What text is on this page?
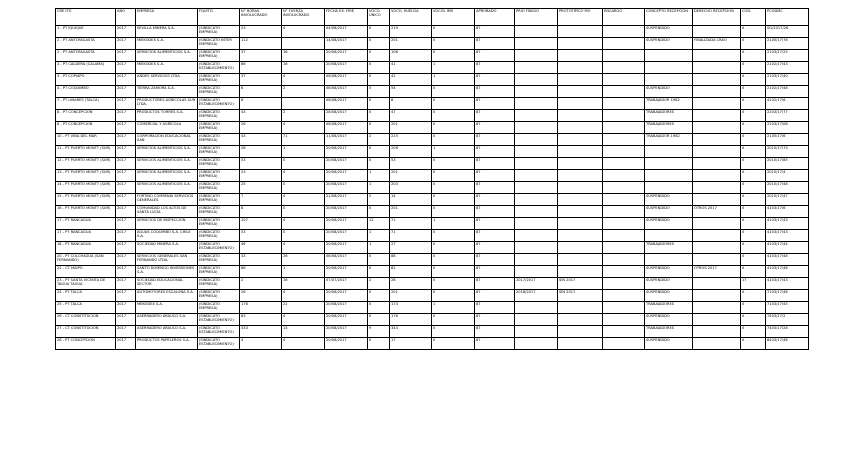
CRE ITO	AÑO	EMPRESA	FQUITO.	N° HORAS INVOLUCRADO	N° FUERZA INVOLUCRADO	FECHA EX. FIRE	VOCO. UNICO	VOCO. HUELGA	VOCOL IMS	APROBADO	PRIO FINICIO	PROTOTÍPICO MO	ENCARGO	CONCEPTO RECEPCIÓN	DERECHO RECEPCIÓN	CÓD.	PCODMC
1 - PT IQUIQUE	2017	SEVILLA MINERA S.A.	(SINDICATO EMPRESA)	23	0	04/08/2017	0	219	0	87				SUSPENDIDO		0	SG/2017/26
2 - PT ANTOFAGASTA	2017	MIEKODEX S.A.	(SINDICATO INTER EMPRESA)	112		14/08/2017	0	201	0	87				SUSPENDIDO	FINALIZADA CRAO	0	2100/17/76
2 - PT ANTOFAGASTA	2017	SERVICIOS ALIMENTICIOS S.A.	(SINDICATO EMPRESA)	37	16	20/08/2017	0	106	0	87						0	2103/17/25
3 - PT CALDERA (CALAMA)	2017	MIEKODEX S.A.	(SINDICATO ESTABLECIMIENTO)	66	16	20/08/2017	0	41	1	87						0	2102/17/43
3 - PT COPIAPÓ	2017	ANDES SERVICIOS LTDA.	(SINDICATO EMPRESA)	37	0	06/08/2017	0	42	1	87						0	2103/17/40
4 - PT COQUIMBO	2017	TIERRA ZAMORA S.A.	(SINDICATO EMPRESA)	6	2	06/08/2017	5	54	0	87				SUSPENDIDO		0	2102/17/46
7 - PT LINARES (TALCA)	2017	PRODUCTORES AGRÍCOLAS SUR LTDA.	(SINDICATO ESTABLECIMIENTO)	6		06/08/2017	0	8	0	87				TRABAJADOR 1982		0	4102/17/6
8 - PT CONCEPCIÓN	2017	PRODUCTOS TORRES S.A.	(SINDICATO EMPRESA)	43	2	28/08/2017	0	47	0	87				TRABAJADORES		0	2203/17/77
8 - PT CONCEPCIÓN	2017	COMERCIAL Y AGRÍCOLA	(SINDICATO EMPRESA)	26	0	06/08/2017	0	201	0	87				TRABAJADORES		0	2203/17/08
10 - PT VIÑA DEL MAR	2017	CORPORACIÓN EDUCACIONAL SAN	(SINDICATO EMPRESA)	43	71	11/08/2017	2	225	0	87				TRABAJADOR 1982		0	2105/17/6
11 - PT PUERTO MONTT (SUR)	2017	SERVICIOS ALIMENTICIOS S.A.	(SINDICATO EMPRESA)	28	1	20/08/2017	0	208	1	87						0	2010/17/73
12 - PT PUERTO MONTT (SUR)	2017	SERVICIOS ALIMENTICIOS S.A.	(SINDICATO EMPRESA)	53	0	20/08/2017	0	53	0	87						0	2010/17/85
13 - PT PUERTO MONTT (SUR)	2017	SERVICIOS ALIMENTICIOS S.A.	(SINDICATO EMPRESA)	23	0	20/08/2017	1	201	0	87						0	2010/17/4
14 - PT PUERTO MONTT (SUR)	2017	SERVICIOS ALIMENTICIOS S.A.	(SINDICATO EMPRESA)	25	0	20/08/2017	1	203	0	87						0	2010/17/46
15 - PT PUERTO MONTT (SUR)	2017	FORTINO COMPAÑÍA SERVICIOS GENERALES	(SINDICATO EMPRESA)	7	0	21/08/2017	2	14	0	87				SUSPENDIDO		0	2010/17/47
16 - PT PUERTO MONTT (SUR)	2017	COMUNIDAD LOS ALTOS DE SANTA LUCÍA	(SINDICATO EMPRESA)	8	0	20/08/2017	0	201	0	87				SUSPENDIDO	OTROS 2017	0	4103/17/6
17 - PT RANCAGUA	2017	SERVICIOS DE INSPECCIÓN	(SINDICATO EMPRESA)	107	0	20/08/2017	12	71	1	87				SUSPENDIDO		0	4103/17/43
17 - PT RANCAGUA	2017	AGUAS COQUIMBO S.A. CHILE S.A.	(SINDICATO EMPRESA)	53	0	20/08/2017	1	71	0	87						0	4103/17/43
18 - PT RANCAGUA	2017	SOCIEDAD MINERA S.A.	(SINDICATO ESTABLECIMIENTO)	46	0	20/08/2017	1	27	0	87				TRABAJADORES		0	4103/17/44
20 - PT COLCHAGUA (SAN FERNANDO)	2017	SERVICIOS GENERALES SAN FERNANDO LTDA.	(SINDICATO EMPRESA)	33	26	06/08/2017	0	88	0	87						0	4103/17/48
22 - CT MAIPO	2017	SANTO DOMINGO INVERSIONES S.A.	(SINDICATO EMPRESA)	66	1	20/08/2017	0	81	0	87				SUSPENDIDO	OTROS 2017	0	4103/17/46
23 - PT SANTA VICENTA DE TAGUA TAGUA	2017	SOCIEDAD EDUCACIONAL SECTOR	(SINDICATO EMPRESA)	2	16	07/07/2017	2	28	0	87	2017/2017	SIN 2017		SUSPENDIDO		17	4103/17/43
24 - PT TALCA	2017	AUTOMOTORES ESCALONA S.A.	(SINDICATO EMPRESA)	26	0	20/08/2017	0	201	0	87	2018/2017	SIN 2017		SUSPENDIDO		0	7103/17/46
25 - PT TALCA	2017	MEKODEX S.A.	(SINDICATO EMPRESA)	176	22	20/08/2017	0	173	1	87				TRABAJADORES		0	7103/17/45
26 - CT CONSTITUCIÓN	2017	ASERRADERO ARAUCO S.A.	(SINDICATO ESTABLECIMIENTO)	83	0	20/08/2017	0	176	0	87				SUSPENDIDO		0	7403/17/2
27 - CT CONSTITUCIÓN	2017	ASERRADERO ARAUCO S.A.	(SINDICATO ESTABLECIMIENTO)	333	13	20/08/2017	9	343	0	87				TRABAJADORES		0	7403/17/28
28 - PT CONCEPCIÓN	2017	PRODUCTOS PAPELEROS S.A.	(SINDICATO ESTABLECIMIENTO)	4	0	20/08/2017	0	17	0	87				SUSPENDIDO		0	8403/17/46
